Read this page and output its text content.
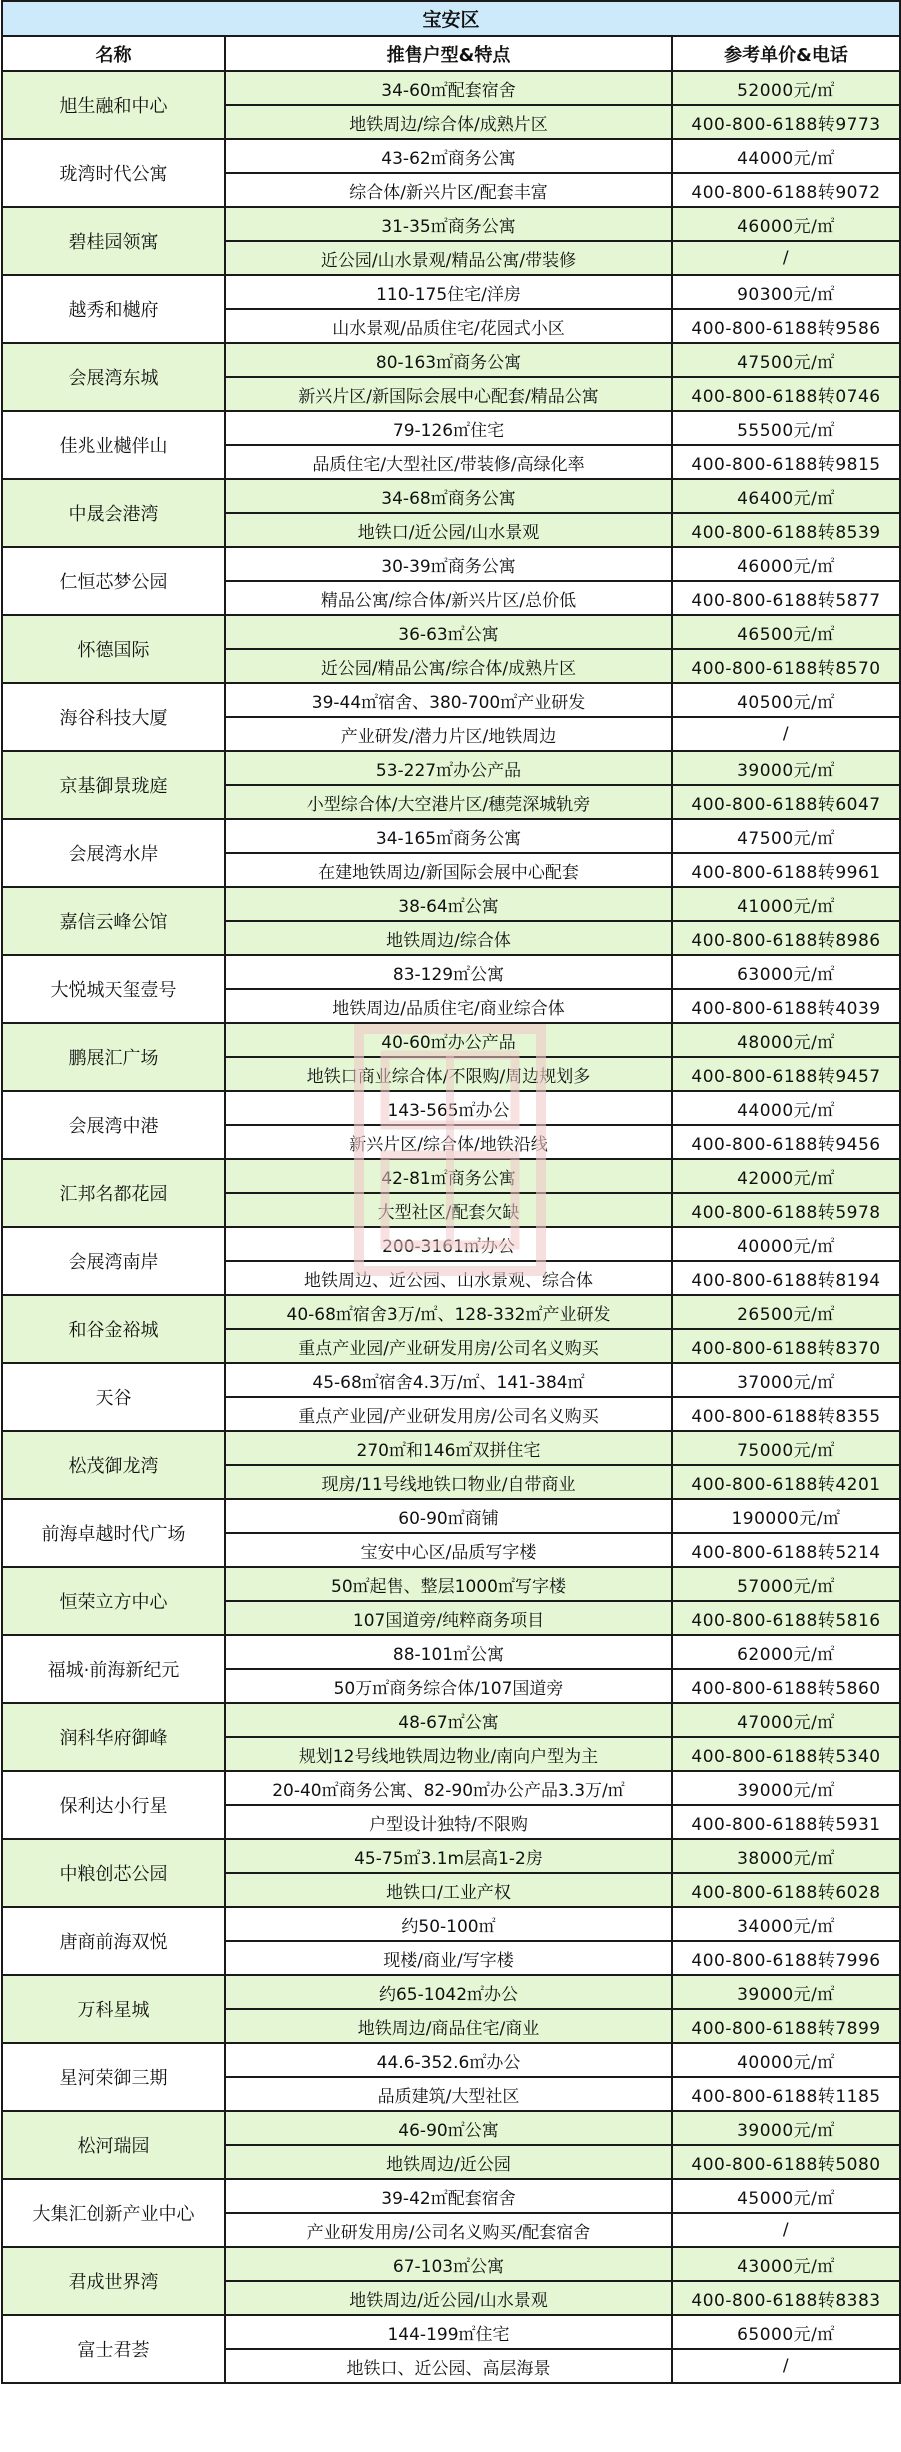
宝安区		
名称	推售户型&特点	参考单价&电话
旭生融和中心	34-60㎡配套宿舍	52000元/㎡
	地铁周边/综合体/成熟片区	400-800-6188转9773
珑湾时代公寓	43-62㎡商务公寓	44000元/㎡
	综合体/新兴片区/配套丰富	400-800-6188转9072
碧桂园领寓	31-35㎡商务公寓	46000元/㎡
	近公园/山水景观/精品公寓/带装修	/
越秀和樾府	110-175住宅/洋房	90300元/㎡
	山水景观/品质住宅/花园式小区	400-800-6188转9586
会展湾东城	80-163㎡商务公寓	47500元/㎡
	新兴片区/新国际会展中心配套/精品公寓	400-800-6188转0746
佳兆业樾伴山	79-126㎡住宅	55500元/㎡
	品质住宅/大型社区/带装修/高绿化率	400-800-6188转9815
中晟会港湾	34-68㎡商务公寓	46400元/㎡
	地铁口/近公园/山水景观	400-800-6188转8539
仁恒芯梦公园	30-39㎡商务公寓	46000元/㎡
	精品公寓/综合体/新兴片区/总价低	400-800-6188转5877
怀德国际	36-63㎡公寓	46500元/㎡
	近公园/精品公寓/综合体/成熟片区	400-800-6188转8570
海谷科技大厦	39-44㎡宿舍、380-700㎡产业研发	40500元/㎡
	产业研发/潜力片区/地铁周边	/
京基御景珑庭	53-227㎡办公产品	39000元/㎡
	小型综合体/大空港片区/穗莞深城轨旁	400-800-6188转6047
会展湾水岸	34-165㎡商务公寓	47500元/㎡
	在建地铁周边/新国际会展中心配套	400-800-6188转9961
嘉信云峰公馆	38-64㎡公寓	41000元/㎡
	地铁周边/综合体	400-800-6188转8986
大悦城天玺壹号	83-129㎡公寓	63000元/㎡
	地铁周边/品质住宅/商业综合体	400-800-6188转4039
鹏展汇广场	40-60㎡办公产品	48000元/㎡
	地铁口商业综合体/不限购/周边规划多	400-800-6188转9457
会展湾中港	143-565㎡办公	44000元/㎡
	新兴片区/综合体/地铁沿线	400-800-6188转9456
汇邦名都花园	42-81㎡商务公寓	42000元/㎡
	大型社区/配套欠缺	400-800-6188转5978
会展湾南岸	200-3161㎡办公	40000元/㎡
	地铁周边、近公园、山水景观、综合体	400-800-6188转8194
和谷金裕城	40-68㎡宿舍3万/㎡、128-332㎡产业研发	26500元/㎡
	重点产业园/产业研发用房/公司名义购买	400-800-6188转8370
天谷	45-68㎡宿舍4.3万/㎡、141-384㎡	37000元/㎡
	重点产业园/产业研发用房/公司名义购买	400-800-6188转8355
松茂御龙湾	270㎡和146㎡双拼住宅	75000元/㎡
	现房/11号线地铁口物业/自带商业	400-800-6188转4201
前海卓越时代广场	60-90㎡商铺	190000元/㎡
	宝安中心区/品质写字楼	400-800-6188转5214
恒荣立方中心	50㎡起售、整层1000㎡写字楼	57000元/㎡
	107国道旁/纯粹商务项目	400-800-6188转5816
福城·前海新纪元	88-101㎡公寓	62000元/㎡
	50万㎡商务综合体/107国道旁	400-800-6188转5860
润科华府御峰	48-67㎡公寓	47000元/㎡
	规划12号线地铁周边物业/南向户型为主	400-800-6188转5340
保利达小行星	20-40㎡商务公寓、82-90㎡办公产品3.3万/㎡	39000元/㎡
	户型设计独特/不限购	400-800-6188转5931
中粮创芯公园	45-75㎡3.1m层高1-2房	38000元/㎡
	地铁口/工业产权	400-800-6188转6028
唐商前海双悦	约50-100㎡	34000元/㎡
	现楼/商业/写字楼	400-800-6188转7996
万科星城	约65-1042㎡办公	39000元/㎡
	地铁周边/商品住宅/商业	400-800-6188转7899
星河荣御三期	44.6-352.6㎡办公	40000元/㎡
	品质建筑/大型社区	400-800-6188转1185
松河瑞园	46-90㎡公寓	39000元/㎡
	地铁周边/近公园	400-800-6188转5080
大集汇创新产业中心	39-42㎡配套宿舍	45000元/㎡
	产业研发用房/公司名义购买/配套宿舍	/
君成世界湾	67-103㎡公寓	43000元/㎡
	地铁周边/近公园/山水景观	400-800-6188转8383
富士君荟	144-199㎡住宅	65000元/㎡
	地铁口、近公园、高层海景	/
